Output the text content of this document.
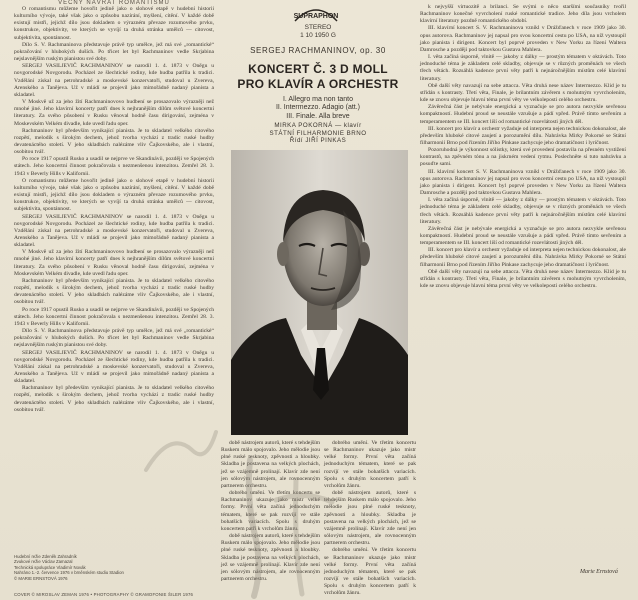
VĚČNÝ NÁVRAT ROMANTISMU

O romantismu můžeme hovořit jedině jako o slohové etapě v hudební historii kulturního vývoje, také však jako o způsobu nazírání, myšlení, cítění. V každé době existují mistři, jejichž dílo jsou dokladem o výrazném převaze rozumového prvku, konstrukce, objektivity, ve kterých se vyvíjí ta druhá stránka umělců — citovost, subjektivita, spontánnost.

Dílo S. V. Rachmaninova představuje právě typ umělce, jež má své „romantické“ pokračování v hlubokých duších. Po třicet let byl Rachmaninov vedle Skrjabina nejslavnějším ruským pianistou své doby.

SERGEJ VASILJEVIČ RACHMANINOV se narodil 1. 4. 1873 v Oněgu u novgorodské Novgorodu. Pocházel ze šlechtické rodiny, kde hudba patřila k tradici. Vzdělání získal na petrohradské a moskevské konzervatoři, studoval u Zvereva, Arenského a Tanějeva. Už v mládí se projevil jako mimořádně nadaný pianista a skladatel.

V Moskvě už za jeho žití Rachmaninovovo hudbení se prosazovalo výrazněji než mnohé jiné. Jeho klavírní koncerty patří dnes k nejhranějším dílům světové koncertní literatury. Za svého působení v Rusku věnoval hodně času dirigování, zejména v Moskevském Velkém divadle, kde uvedl řadu oper.

Rachmaninov byl především vynikající pianista. Je to skladatel velkého citového rozpětí, melodik s širokým dechem, jehož tvorba vychází z tradic ruské hudby devatenáctého století. V jeho skladbách nalézáme vliv Čajkovského, ale i vlastní, osobitou tvář.

Po roce 1917 opustil Rusko a usadil se nejprve ve Skandinávii, později ve Spojených státech. Jeho koncertní činnost pokračovala s nezmenšenou intenzitou. Zemřel 28. 3. 1943 v Beverly Hills v Kalifornii.

O romantismu můžeme hovořit jedině jako o slohové etapě v hudební historii kulturního vývoje, také však jako o způsobu nazírání, myšlení, cítění. V každé době existují mistři, jejichž dílo jsou dokladem o výrazném převaze rozumového prvku, konstrukce, objektivity, ve kterých se vyvíjí ta druhá stránka umělců — citovost, subjektivita, spontánnost.

SERGEJ VASILJEVIČ RACHMANINOV se narodil 1. 4. 1873 v Oněgu u novgorodské Novgorodu. Pocházel ze šlechtické rodiny, kde hudba patřila k tradici. Vzdělání získal na petrohradské a moskevské konzervatoři, studoval u Zvereva, Arenského a Tanějeva. Už v mládí se projevil jako mimořádně nadaný pianista a skladatel.

V Moskvě už za jeho žití Rachmaninovovo hudbení se prosazovalo výrazněji než mnohé jiné. Jeho klavírní koncerty patří dnes k nejhranějším dílům světové koncertní literatury. Za svého působení v Rusku věnoval hodně času dirigování, zejména v Moskevském Velkém divadle, kde uvedl řadu oper.

Rachmaninov byl především vynikající pianista. Je to skladatel velkého citového rozpětí, melodik s širokým dechem, jehož tvorba vychází z tradic ruské hudby devatenáctého století. V jeho skladbách nalézáme vliv Čajkovského, ale i vlastní, osobitou tvář.

Po roce 1917 opustil Rusko a usadil se nejprve ve Skandinávii, později ve Spojených státech. Jeho koncertní činnost pokračovala s nezmenšenou intenzitou. Zemřel 28. 3. 1943 v Beverly Hills v Kalifornii.

Dílo S. V. Rachmaninova představuje právě typ umělce, jež má své „romantické“ pokračování v hlubokých duších. Po třicet let byl Rachmaninov vedle Skrjabina nejslavnějším ruským pianistou své doby.

SERGEJ VASILJEVIČ RACHMANINOV se narodil 1. 4. 1873 v Oněgu u novgorodské Novgorodu. Pocházel ze šlechtické rodiny, kde hudba patřila k tradici. Vzdělání získal na petrohradské a moskevské konzervatoři, studoval u Zvereva, Arenského a Tanějeva. Už v mládí se projevil jako mimořádně nadaný pianista a skladatel.

Rachmaninov byl především vynikající pianista. Je to skladatel velkého citového rozpětí, melodik s širokým dechem, jehož tvorba vychází z tradic ruské hudby devatenáctého století. V jeho skladbách nalézáme vliv Čajkovského, ale i vlastní, osobitou tvář.

SUPRAPHON
STEREO
1 10 1950 G
SERGEJ RACHMANINOV, op. 30
KONCERT Č. 3 D MOLL
PRO KLAVÍR A ORCHESTR
I. Allegro ma non tanto
II. Intermezzo. Adagio (att.)
III. Finale. Alla breve
MIRKA POKORNÁ — klavír
STÁTNÍ FILHARMONIE BRNO
Řídí JIŘÍ PINKAS

době nástrojem autorů, které s tehdejším Ruskem málo spojovalo. Jeho mělodie jsou plné ruské tesknoty, zpěvnosti a hloubky. Skladba je postavena na velkých plochách, jež se vzájemně prolínají. Klavír zde není jen sólovým nástrojem, ale rovnocenným partnerem orchestru.

dobrého umění. Ve třetím koncertu se Rachmaninov ukazuje jako mistr velké formy. První věta začíná jednoduchým tématem, které se pak rozvíjí ve stále bohatších variacích. Spolu s druhým koncertem patří k vrcholům žánru.

době nástrojem autorů, které s tehdejším Ruskem málo spojovalo. Jeho mělodie jsou plné ruské tesknoty, zpěvnosti a hloubky. Skladba je postavena na velkých plochách, jež se vzájemně prolínají. Klavír zde není jen sólovým nástrojem, ale rovnocenným partnerem orchestru.

dobrého umění. Ve třetím koncertu se Rachmaninov ukazuje jako mistr velké formy. První věta začíná jednoduchým tématem, které se pak rozvíjí ve stále bohatších variacích. Spolu s druhým koncertem patří k vrcholům žánru.

době nástrojem autorů, které s tehdejším Ruskem málo spojovalo. Jeho mělodie jsou plné ruské tesknoty, zpěvnosti a hloubky. Skladba je postavena na velkých plochách, jež se vzájemně prolínají. Klavír zde není jen sólovým nástrojem, ale rovnocenným partnerem orchestru.

dobrého umění. Ve třetím koncertu se Rachmaninov ukazuje jako mistr velké formy. První věta začíná jednoduchým tématem, které se pak rozvíjí ve stále bohatších variacích. Spolu s druhým koncertem patří k vrcholům žánru.

k nejvyšší virtuozitě a brilanci. Se svými o něco staršími současníky tvořil Rachmaninov konečné vyvrcholení ruské romantické tradice. Jeho díla jsou vrcholem klavírní literatury pozdně romantického období.

III. klavírní koncert S. V. Rachmaninova vznikl v Drážďanech v roce 1909 jako 30. opus autorova. Rachmaninov jej napsal pro svou koncertní cestu po USA, na níž vystoupil jako pianista i dirigent. Koncert byl poprvé proveden v New Yorku za řízení Waltera Damrosche a později pod taktovkou Gustava Mahlera.

I. věta začíná úsporně, vlnitě — jakoby z dálky — prostým tématem v oktávách. Toto jednoduché téma je základem celé skladby, objevuje se v různých proměnách ve všech třech větách. Rozsáhlá kadence první věty patří k nejnáročnějším místům celé klavírní literatury.

Obě další věty navazují na sebe attacca. Věta druhá nese název Intermezzo. Klid je tu střídán s kontrasty. Třetí věta, Finale, je brilantním závěrem s mohutným vyvrcholením, kde se znovu objevuje hlavní téma první věty ve velkoleposti celého orchestru.

Závěrečná část je nebývale energická a vyznačuje se pro autora nezvykle sevřenou kompaktností. Hudební proud se neustále vzrušuje a pádí vpřed. Právě tímto sevřením a temperamentem se III. koncert liší od romantické rozevlátosti jiných děl.

III. koncert pro klavír a orchestr vyžaduje od interpreta nejen technickou dokonalost, ale především hluboké citové zaujetí a porozumění dílu. Nahrávka Mirky Pokorné se Státní filharmonií Brno pod řízením Jiřího Pinkase zachycuje jeho dramatičnost i lyričnost.

Pozoruhodná je výkonnost sólistky, která své provedení postavila na přesném vystižení kontrastů, na zpěvném tónu a na jiskrném vedení rytmu. Poslechněte si tuto nahrávku a posuďte sami.

III. klavírní koncert S. V. Rachmaninova vznikl v Drážďanech v roce 1909 jako 30. opus autorova. Rachmaninov jej napsal pro svou koncertní cestu po USA, na níž vystoupil jako pianista i dirigent. Koncert byl poprvé proveden v New Yorku za řízení Waltera Damrosche a později pod taktovkou Gustava Mahlera.

I. věta začíná úsporně, vlnitě — jakoby z dálky — prostým tématem v oktávách. Toto jednoduché téma je základem celé skladby, objevuje se v různých proměnách ve všech třech větách. Rozsáhlá kadence první věty patří k nejnáročnějším místům celé klavírní literatury.

Závěrečná část je nebývale energická a vyznačuje se pro autora nezvykle sevřenou kompaktností. Hudební proud se neustále vzrušuje a pádí vpřed. Právě tímto sevřením a temperamentem se III. koncert liší od romantické rozevlátosti jiných děl.

III. koncert pro klavír a orchestr vyžaduje od interpreta nejen technickou dokonalost, ale především hluboké citové zaujetí a porozumění dílu. Nahrávka Mirky Pokorné se Státní filharmonií Brno pod řízením Jiřího Pinkase zachycuje jeho dramatičnost i lyričnost.

Obě další věty navazují na sebe attacca. Věta druhá nese název Intermezzo. Klid je tu střídán s kontrasty. Třetí věta, Finale, je brilantním závěrem s mohutným vyvrcholením, kde se znovu objevuje hlavní téma první věty ve velkoleposti celého orchestru.

Marie Ernstová
Hudební režie Zdeněk Zahradník
Zvukové režie Václav Zamazal
Technická spolupráce Vladimír Novák
Nahráno 1.-2. července 1976 v brněnském studiu Stadion
© MARIE ERNSTOVÁ 1976
COVER © MIROSLAV ZEMAN 1976 • PHOTOGRAPHY © GRAMOFONIE ŠILER 1976
